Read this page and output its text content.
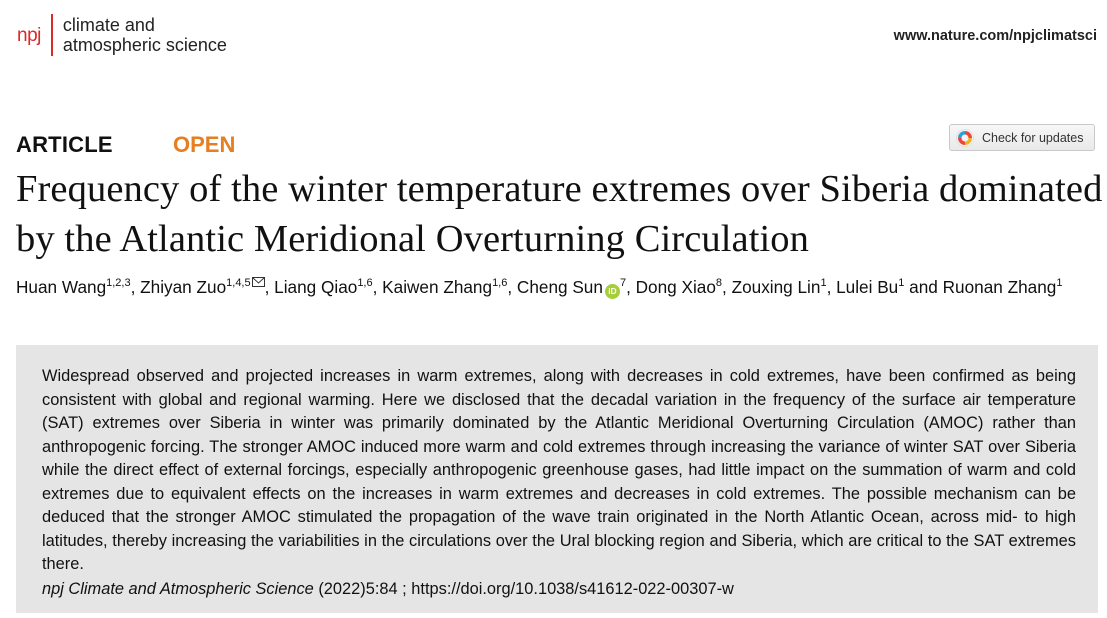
npj climate and
atmospheric science	www.nature.com/npjclimatsci
ARTICLE	OPEN	Check for updates
Frequency of the winter temperature extremes over Siberia dominated by the Atlantic Meridional Overturning Circulation
Huan Wang$^{1,2,3}$, Zhiyan Zuo$^{1,4,5}$ , Liang Qiao$^{1,6}$, Kaiwen Zhang$^{1,6}$, Cheng Sun $iD^7$, Dong Xiao$^8$, Zouxing Lin$^1$, Lulei Bu$^1$ and Ruonan Zhang$^1$

Widespread observed and projected increases in warm extremes, along with decreases in cold extremes, have been confirmed as being consistent with global and regional warming. Here we disclosed that the decadal variation in the frequency of the surface air temperature (SAT) extremes over Siberia in winter was primarily dominated by the Atlantic Meridional Overturning Circulation (AMOC) rather than anthropogenic forcing. The stronger AMOC induced more warm and cold extremes through increasing the variance of winter SAT over Siberia while the direct effect of external forcings, especially anthropogenic greenhouse gases, had little impact on the summation of warm and cold extremes due to equivalent effects on the increases in warm extremes and decreases in cold extremes. The possible mechanism can be deduced that the stronger AMOC stimulated the propagation of the wave train originated in the North Atlantic Ocean, across mid- to high latitudes, thereby increasing the variabilities in the circulations over the Ural blocking region and Siberia, which are critical to the SAT extremes there.

npj Climate and Atmospheric Science (2022)5:84 ; https://doi.org/10.1038/s41612-022-00307-w
